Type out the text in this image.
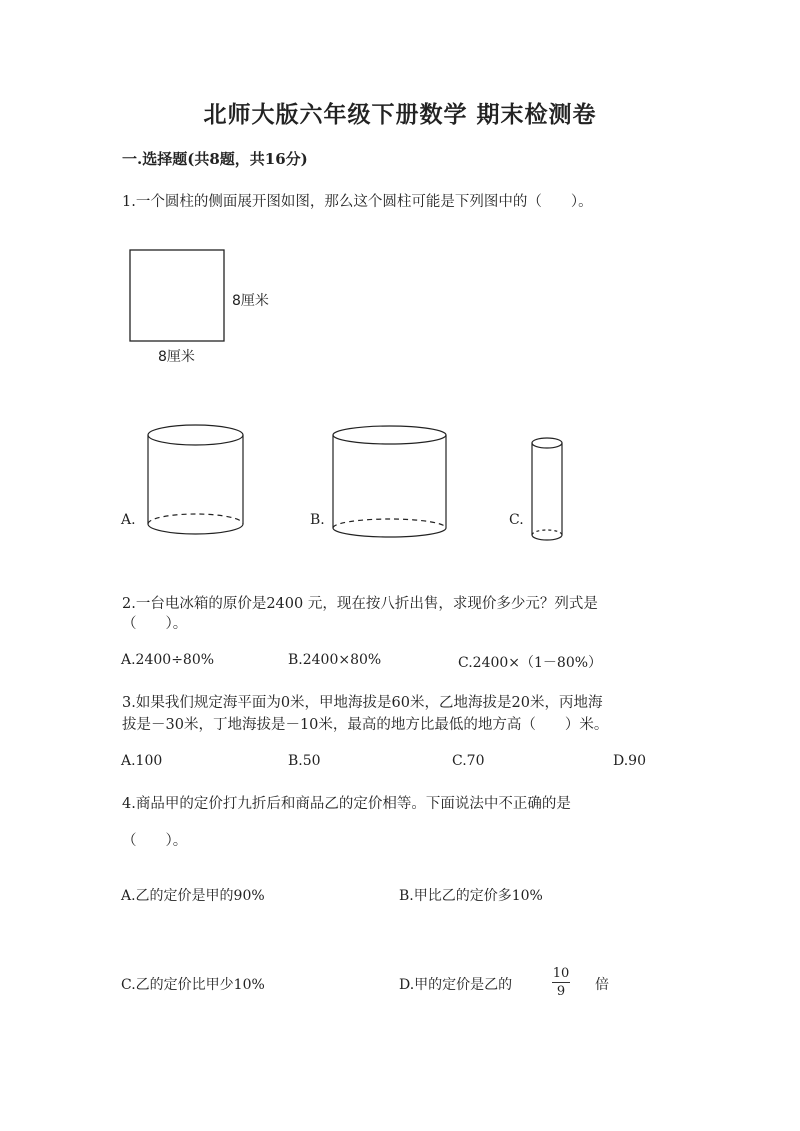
北师大版六年级下册数学 期末检测卷
一.选择题(共8题，共16分)
1.一个圆柱的侧面展开图如图，那么这个圆柱可能是下列图中的（　　）。
8厘米
8厘米
A.	B.	C.
2.一台电冰箱的原价是2400 元，现在按八折出售，求现价多少元？列式是
（　　）。
A.2400÷80%	B.2400×80%	C.2400×（1－80%）
3.如果我们规定海平面为0米，甲地海拔是60米，乙地海拔是20米，丙地海
拔是－30米，丁地海拔是－10米，最高的地方比最低的地方高（　　）米。
A.100	B.50	C.70	D.90
4.商品甲的定价打九折后和商品乙的定价相等。下面说法中不正确的是
（　　）。
A.乙的定价是甲的90%	B.甲比乙的定价多10%
C.乙的定价比甲少10%	D.甲的定价是乙的
10
9	倍
